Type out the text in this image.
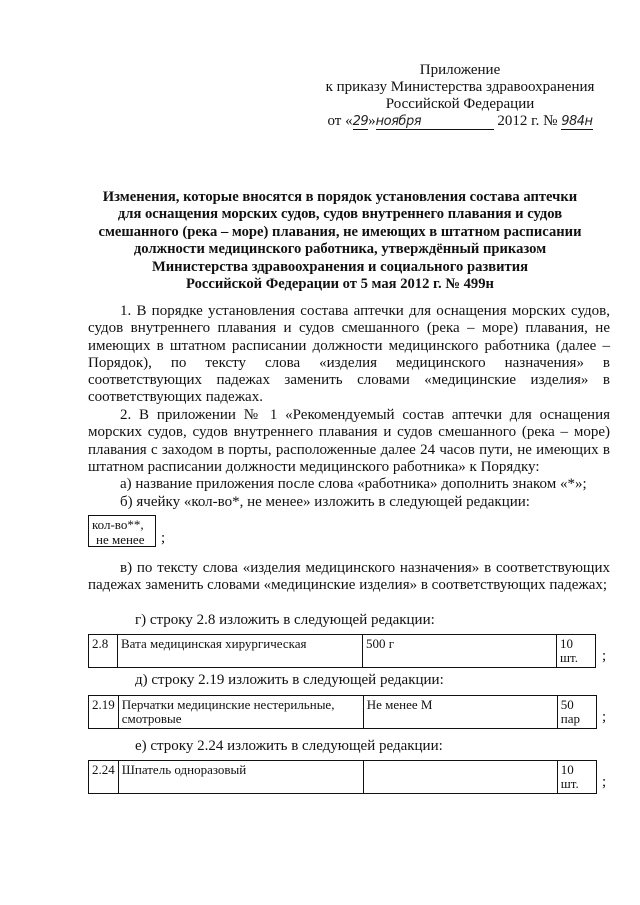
Приложение
к приказу Министерства здравоохранения
Российской Федерации
от «29»ноября	2012 г. № 984н
Изменения, которые вносятся в порядок установления состава аптечки
для оснащения морских судов, судов внутреннего плавания и судов
смешанного (река – море) плавания, не имеющих в штатном расписании
должности медицинского работника, утверждённый приказом
Министерства здравоохранения и социального развития
Российской Федерации от 5 мая 2012 г. № 499н
1. В порядке установления состава аптечки для оснащения морских судов, судов внутреннего плавания и судов смешанного (река – море) плавания, не имеющих в штатном расписании должности медицинского работника (далее – Порядок), по тексту слова «изделия медицинского назначения» в соответствующих падежах заменить словами «медицинские изделия» в соответствующих падежах.
2. В приложении № 1 «Рекомендуемый состав аптечки для оснащения морских судов, судов внутреннего плавания и судов смешанного (река – море) плавания с заходом в порты, расположенные далее 24 часов пути, не имеющих в штатном расписании должности медицинского работника» к Порядку:
а) название приложения после слова «работника» дополнить знаком «*»;
б) ячейку «кол-во*, не менее» изложить в следующей редакции:
кол-во**,
не менее	;
в) по тексту слова «изделия медицинского назначения» в соответствующих падежах заменить словами «медицинские изделия» в соответствующих падежах;
г) строку 2.8 изложить в следующей редакции:
2.8	Вата медицинская хирургическая	500 г	10 шт. ;
д) строку 2.19 изложить в следующей редакции:
2.19	Перчатки медицинские нестерильные, смотровые	Не менее М	50 пар ;
е) строку 2.24 изложить в следующей редакции:
2.24	Шпатель одноразовый		10 шт. ;
